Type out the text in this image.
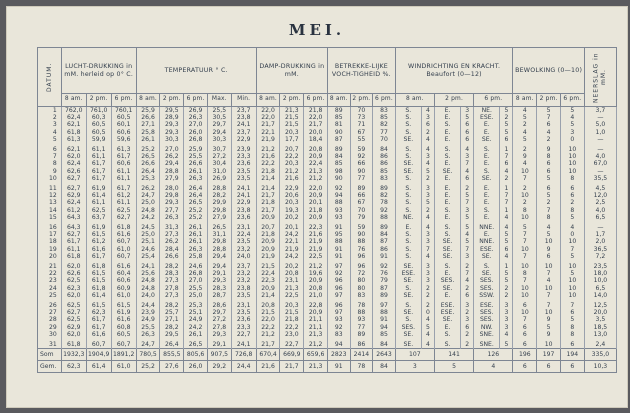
MEI.
DATUM.	LUCHT-DRUKKING in mM. herleid op 0° C.			TEMPERATUUR ° C.					DAMP-DRUKKING in mM.			BETREKKE-LIJKE VOCH-TIGHEID %.			WINDRICHTING EN KRACHT. Beaufort (0—12)						BEWOLKING (0—10)			NEERSLAG in mM.
	8 am.	2 pm.	6 pm.	8 am.	2 pm.	6 pm.	Max.	Min.	8 am.	2 pm.	6 pm.	8 am.	2 pm.	6 pm.	8 am.		2 pm.		6 pm.		8 am.	2 pm.	6 pm.	
1	762,0	761,0	760,1	25,9	29,5	26,9	25,5	23,7	22,0	21,3	21,8	89	70	83	S.	4	E.	3	NE.	5	4	5	5	3,7
2	62,4	60,3	60,5	26,6	28,9	26,3	30,5	23,8	22,0	21,5	22,0	85	73	85	S.	3	E.	5	ESE.	2	5	7	4	—
3	62,1	60,5	60,1	27,1	29,3	27,0	29,7	24,1	21,7	21,5	21,7	81	71	82	S.	6	S.	6	E.	5	2	6	5	5,0
4	61,8	60,5	60,6	25,8	29,3	26,0	29,4	23,7	22,1	20,3	20,0	90	67	77	S.	2	E.	6	E.	5	4	4	3	1,0
5	61,3	59,9	59,6	26,1	30,3	26,8	30,3	22,9	21,9	17,7	18,4	87	55	70	SE.	4	E.	6	SE.	6	5	2	0	—

6	62,1	61,1	61,3	25,2	27,0	25,9	30,7	23,9	21,2	20,7	20,8	89	59	84	S.	4	S.	4	S.	1	2	9	10	—
7	62,0	61,1	61,7	26,5	26,2	25,5	27,2	23,3	21,6	22,2	20,9	84	92	86	S.	3	S.	3	E.	7	9	8	10	4,0
8	62,4	61,7	60,6	26,6	29,4	26,6	30,4	23,6	22,2	20,3	22,4	85	66	86	SE.	4	E.	7	E.	6	4	6	10	67,0
9	62,6	61,7	61,1	26,4	28,8	26,1	31,0	23,5	21,8	21,2	21,3	98	90	85	SE.	5	SE.	4	S.	4	10	6	10	—
10	62,7	61,7	61,1	25,3	27,9	26,3	26,9	23,5	21,4	21,6	21,2	90	77	83	S.	2	E.	6	SE.	2	7	5	8	35,5

11	62,7	61,9	61,7	26,2	28,0	26,4	28,8	24,1	21,4	22,9	22,0	92	89	89	S.	3	E.	2	E.	1	2	6	6	4,5
12	62,9	61,4	61,2	24,7	29,8	26,4	28,2	24,1	21,7	20,6	20,9	94	66	82	S.	3	E.	5	E.	7	10	5	6	12,0
13	62,4	61,1	61,1	25,0	29,3	26,5	29,9	22,9	21,8	20,3	20,1	88	67	78	S.	5	E.	7	E.	7	2	2	2	2,5
14	61,2	62,5	62,5	24,8	27,7	25,2	29,8	23,8	21,7	19,3	21,8	93	70	92	S.	2	S.	3	S.	1	8	7	8	4,0
15	64,3	63,7	62,7	24,2	26,3	25,2	27,9	23,6	20,9	20,2	20,9	93	79	88	NE.	4	E.	5	E.	4	10	8	5	6,5

16	64,3	61,9	61,8	24,5	31,3	26,1	26,5	23,1	20,7	20,1	22,3	91	59	89	E.	4	S.	5	NNE.	4	5	4	4	—
17	62,7	61,5	61,6	25,0	27,3	26,1	31,1	22,4	21,8	24,2	21,6	95	90	84	S.	3	S.	4	E.	5	7	5	0	1,7
18	61,7	61,2	60,7	25,1	26,2	26,1	29,8	23,5	20,9	22,1	21,9	88	88	87	S.	3	SE.	5	NNE.	5	7	10	10	2,0
19	61,1	61,6	61,0	24,6	28,4	26,3	28,8	23,2	20,9	21,9	21,9	91	76	86	S.	7	SE.	7	ESE.	6	10	9	7	36,5
20	61,8	61,7	60,7	25,4	26,6	25,8	29,4	24,0	21,9	24,2	22,5	91	96	91	S.	4	SE.	3	SE.	4	7	6	5	7,2

21	62,0	61,8	61,6	24,1	28,2	24,6	29,4	23,7	21,5	20,2	21,2	97	96	92	SE.	3	S.	2	S.	1	10	10	10	23,5
22	62,6	61,5	60,4	25,6	28,3	26,8	29,1	23,2	22,4	20,8	19,6	92	72	76	ESE.	3	E.	7	SE.	5	8	7	5	18,0
23	62,5	61,5	60,6	24,8	27,3	27,0	29,3	23,2	22,3	23,1	20,9	96	80	79	SE.	3	SES.	4	SES.	5	7	4	10	10,0
24	62,3	61,8	60,9	24,8	27,8	25,5	28,3	23,8	20,9	21,3	20,8	96	80	87	S.	2	SE.	2	SES.	2	10	10	10	6,5
25	62,0	61,4	61,0	24,0	27,3	25,0	28,7	23,5	21,4	22,5	21,0	97	83	89	SE.	2	E.	6	SSW.	2	10	7	10	14,0

26	62,5	61,5	61,5	24,4	28,2	25,3	28,6	23,1	20,8	20,3	22,8	96	78	97	S.	2	ESE.	3	ESE.	3	6	7	7	12,5
27	62,7	62,3	61,9	23,9	25,7	25,1	29,7	23,5	21,5	21,5	20,9	97	88	88	SE.	0	ESE.	2	SES.	3	10	10	6	20,0
28	62,5	61,7	61,6	24,9	27,1	24,9	27,2	23,6	22,0	21,8	21,1	93	93	91	S.	4	SE.	3	SES.	3	7	9	5	3,5
29	62,9	61,7	60,8	25,5	28,2	24,2	27,8	23,3	22,2	22,2	21,1	92	77	94	SES.	5	E.	6	NW.	3	6	5	8	18,5
30	62,0	61,6	60,5	26,3	29,5	26,1	29,3	22,7	21,2	23,0	21,3	83	89	85	SE.	4	S.	2	SNE.	4	6	9	8	13,0

31	61,8	60,7	60,7	24,7	26,4	26,5	29,1	24,1	21,7	22,7	21,2	94	86	84	SE.	4	S.	2	SNE.	5	6	10	6	2,4
Som	1932,3	1904,9	1891,2	780,5	855,5	805,6	907,5	726,8	670,4	669,9	659,6	2823	2414	2643	107		141		126		196	197	194	335,0
Gem.	62,3	61,4	61,0	25,2	27,6	26,0	29,2	24,4	21,6	21,7	21,3	91	78	84	3		5		4		6	6	6	10,3
